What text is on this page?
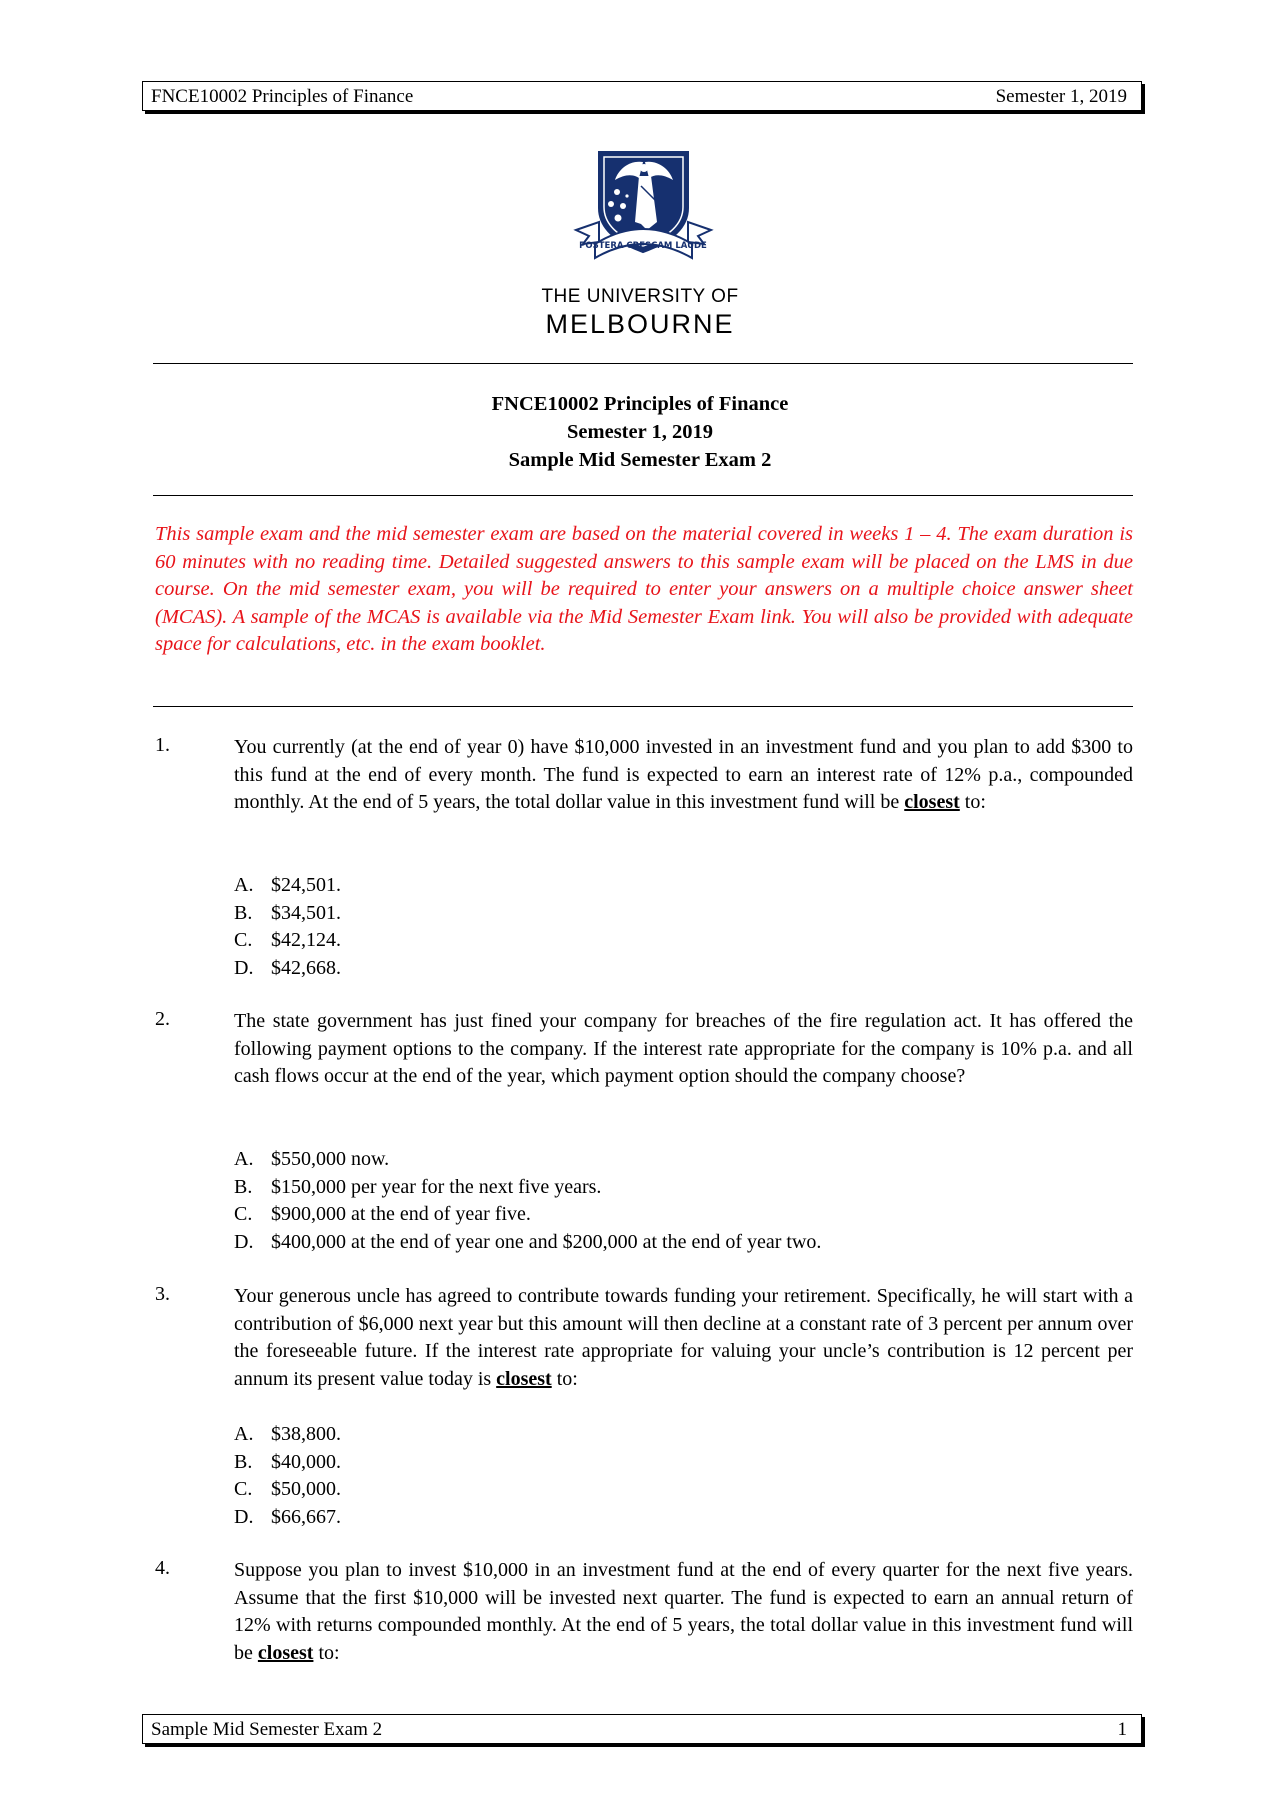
FNCE10002 Principles of Finance	Semester 1, 2019
POSTERA CRESCAM LAUDE
THE UNIVERSITY OF
MELBOURNE
FNCE10002 Principles of Finance
Semester 1, 2019
Sample Mid Semester Exam 2
This sample exam and the mid semester exam are based on the material covered in weeks 1 – 4. The exam duration is 60 minutes with no reading time. Detailed suggested answers to this sample exam will be placed on the LMS in due course. On the mid semester exam, you will be required to enter your answers on a multiple choice answer sheet (MCAS). A sample of the MCAS is available via the Mid Semester Exam link. You will also be provided with adequate space for calculations, etc. in the exam booklet.
1.	You currently (at the end of year 0) have $10,000 invested in an investment fund and you plan to add $300 to this fund at the end of every month. The fund is expected to earn an interest rate of 12% p.a., compounded monthly. At the end of 5 years, the total dollar value in this investment fund will be closest to:
A. $24,501.
B. $34,501.
C. $42,124.
D. $42,668.
2.	The state government has just fined your company for breaches of the fire regulation act. It has offered the following payment options to the company. If the interest rate appropriate for the company is 10% p.a. and all cash flows occur at the end of the year, which payment option should the company choose?
A. $550,000 now.
B. $150,000 per year for the next five years.
C. $900,000 at the end of year five.
D. $400,000 at the end of year one and $200,000 at the end of year two.
3.	Your generous uncle has agreed to contribute towards funding your retirement. Specifically, he will start with a contribution of $6,000 next year but this amount will then decline at a constant rate of 3 percent per annum over the foreseeable future. If the interest rate appropriate for valuing your uncle’s contribution is 12 percent per annum its present value today is closest to:
A. $38,800.
B. $40,000.
C. $50,000.
D. $66,667.
4.	Suppose you plan to invest $10,000 in an investment fund at the end of every quarter for the next five years. Assume that the first $10,000 will be invested next quarter. The fund is expected to earn an annual return of 12% with returns compounded monthly. At the end of 5 years, the total dollar value in this investment fund will be closest to:
Sample Mid Semester Exam 2	1
